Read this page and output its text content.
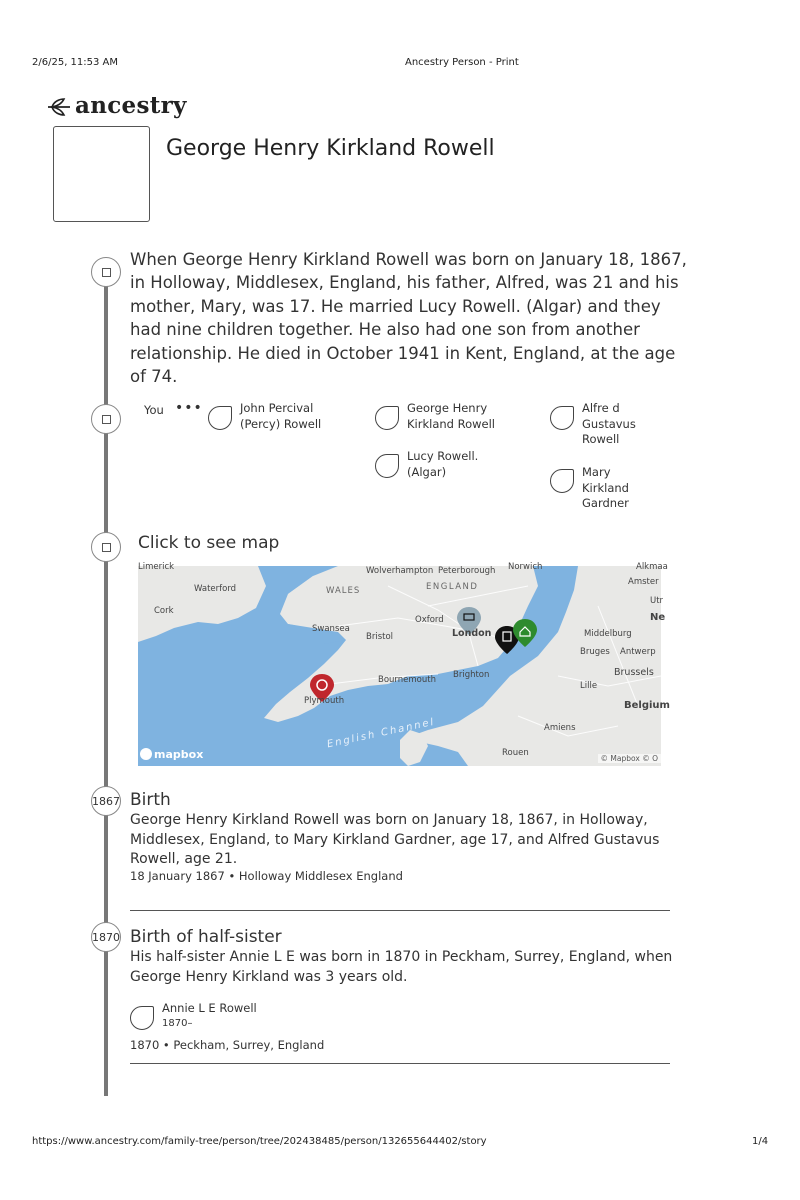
2/6/25, 11:53 AM	Ancestry Person - Print
ancestry
George Henry Kirkland Rowell
When George Henry Kirkland Rowell was born on January 18, 1867, in Holloway, Middlesex, England, his father, Alfred, was 21 and his mother, Mary, was 17. He married Lucy Rowell. (Algar) and they had nine children together. He also had one son from another relationship. He died in October 1941 in Kent, England, at the age of 74.
You •••	John Percival (Percy) Rowell
George Henry Kirkland Rowell
Lucy Rowell. (Algar)
Alfre d Gustavus Rowell
Mary Kirkland Gardner
Click to see map
Wolverhampton Peterborough Norwich	Alkmaa
Amster
Utr
Ne
Limerick
Waterford	WALES	ENGLAND
Cork
Swansea
Bristol
Oxford
London	Middelburg
Bruges Antwerp
Brussels
Bournemouth Brighton
Lille
Plymouth	Belgium
English Channel	Amiens
Rouen
mapbox	© Mapbox © O
1867 Birth
George Henry Kirkland Rowell was born on January 18, 1867, in Holloway, Middlesex, England, to Mary Kirkland Gardner, age 17, and Alfred Gustavus Rowell, age 21.
18 January 1867 • Holloway Middlesex England
1870 Birth of half-sister
His half-sister Annie L E was born in 1870 in Peckham, Surrey, England, when George Henry Kirkland was 3 years old.
Annie L E Rowell
1870–
1870 • Peckham, Surrey, England
https://www.ancestry.com/family-tree/person/tree/202438485/person/132655644402/story	1/4
